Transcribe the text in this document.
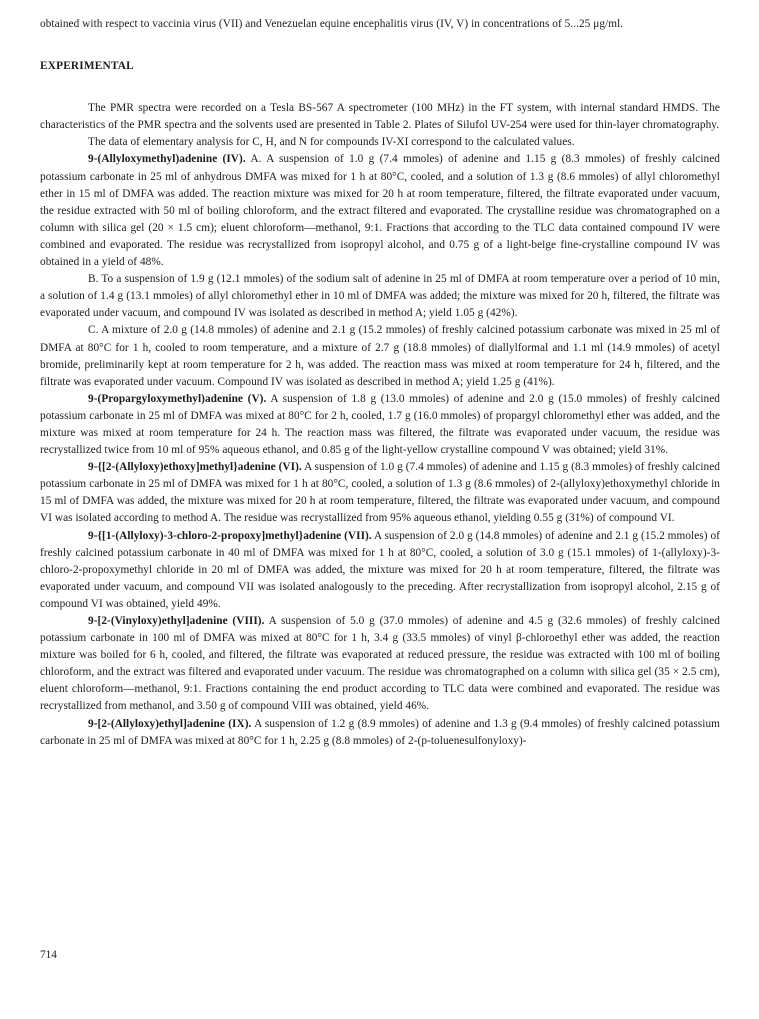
obtained with respect to vaccinia virus (VII) and Venezuelan equine encephalitis virus (IV, V) in concentrations of 5...25 μg/ml.

EXPERIMENTAL

The PMR spectra were recorded on a Tesla BS-567 A spectrometer (100 MHz) in the FT system, with internal standard HMDS. The characteristics of the PMR spectra and the solvents used are presented in Table 2. Plates of Silufol UV-254 were used for thin-layer chromatography.

The data of elementary analysis for C, H, and N for compounds IV-XI correspond to the calculated values.

9-(Allyloxymethyl)adenine (IV). A. A suspension of 1.0 g (7.4 mmoles) of adenine and 1.15 g (8.3 mmoles) of freshly calcined potassium carbonate in 25 ml of anhydrous DMFA was mixed for 1 h at 80°C, cooled, and a solution of 1.3 g (8.6 mmoles) of allyl chloromethyl ether in 15 ml of DMFA was added. The reaction mixture was mixed for 20 h at room temperature, filtered, the filtrate evaporated under vacuum, the residue extracted with 50 ml of boiling chloroform, and the extract filtered and evaporated. The crystalline residue was chromatographed on a column with silica gel (20 × 1.5 cm); eluent chloroform—methanol, 9:1. Fractions that according to the TLC data contained compound IV were combined and evaporated. The residue was recrystallized from isopropyl alcohol, and 0.75 g of a light-beige fine-crystalline compound IV was obtained in a yield of 48%.

B. To a suspension of 1.9 g (12.1 mmoles) of the sodium salt of adenine in 25 ml of DMFA at room temperature over a period of 10 min, a solution of 1.4 g (13.1 mmoles) of allyl chloromethyl ether in 10 ml of DMFA was added; the mixture was mixed for 20 h, filtered, the filtrate was evaporated under vacuum, and compound IV was isolated as described in method A; yield 1.05 g (42%).

C. A mixture of 2.0 g (14.8 mmoles) of adenine and 2.1 g (15.2 mmoles) of freshly calcined potassium carbonate was mixed in 25 ml of DMFA at 80°C for 1 h, cooled to room temperature, and a mixture of 2.7 g (18.8 mmoles) of diallylformal and 1.1 ml (14.9 mmoles) of acetyl bromide, preliminarily kept at room temperature for 2 h, was added. The reaction mass was mixed at room temperature for 24 h, filtered, and the filtrate was evaporated under vacuum. Compound IV was isolated as described in method A; yield 1.25 g (41%).

9-(Propargyloxymethyl)adenine (V). A suspension of 1.8 g (13.0 mmoles) of adenine and 2.0 g (15.0 mmoles) of freshly calcined potassium carbonate in 25 ml of DMFA was mixed at 80°C for 2 h, cooled, 1.7 g (16.0 mmoles) of propargyl chloromethyl ether was added, and the mixture was mixed at room temperature for 24 h. The reaction mass was filtered, the filtrate was evaporated under vacuum, the residue was recrystallized twice from 10 ml of 95% aqueous ethanol, and 0.85 g of the light-yellow crystalline compound V was obtained; yield 31%.

9-{[2-(Allyloxy)ethoxy]methyl}adenine (VI). A suspension of 1.0 g (7.4 mmoles) of adenine and 1.15 g (8.3 mmoles) of freshly calcined potassium carbonate in 25 ml of DMFA was mixed for 1 h at 80°C, cooled, a solution of 1.3 g (8.6 mmoles) of 2-(allyloxy)ethoxymethyl chloride in 15 ml of DMFA was added, the mixture was mixed for 20 h at room temperature, filtered, the filtrate was evaporated under vacuum, and compound VI was isolated according to method A. The residue was recrystallized from 95% aqueous ethanol, yielding 0.55 g (31%) of compound VI.

9-{[1-(Allyloxy)-3-chloro-2-propoxy]methyl}adenine (VII). A suspension of 2.0 g (14.8 mmoles) of adenine and 2.1 g (15.2 mmoles) of freshly calcined potassium carbonate in 40 ml of DMFA was mixed for 1 h at 80°C, cooled, a solution of 3.0 g (15.1 mmoles) of 1-(allyloxy)-3-chloro-2-propoxymethyl chloride in 20 ml of DMFA was added, the mixture was mixed for 20 h at room temperature, filtered, the filtrate was evaporated under vacuum, and compound VII was isolated analogously to the preceding. After recrystallization from isopropyl alcohol, 2.15 g of compound VI was obtained, yield 49%.

9-[2-(Vinyloxy)ethyl]adenine (VIII). A suspension of 5.0 g (37.0 mmoles) of adenine and 4.5 g (32.6 mmoles) of freshly calcined potassium carbonate in 100 ml of DMFA was mixed at 80°C for 1 h, 3.4 g (33.5 mmoles) of vinyl β-chloroethyl ether was added, the reaction mixture was boiled for 6 h, cooled, and filtered, the filtrate was evaporated at reduced pressure, the residue was extracted with 100 ml of boiling chloroform, and the extract was filtered and evaporated under vacuum. The residue was chromatographed on a column with silica gel (35 × 2.5 cm), eluent chloroform—methanol, 9:1. Fractions containing the end product according to TLC data were combined and evaporated. The residue was recrystallized from methanol, and 3.50 g of compound VIII was obtained, yield 46%.

9-[2-(Allyloxy)ethyl]adenine (IX). A suspension of 1.2 g (8.9 mmoles) of adenine and 1.3 g (9.4 mmoles) of freshly calcined potassium carbonate in 25 ml of DMFA was mixed at 80°C for 1 h, 2.25 g (8.8 mmoles) of 2-(p-toluenesulfonyloxy)-

714
